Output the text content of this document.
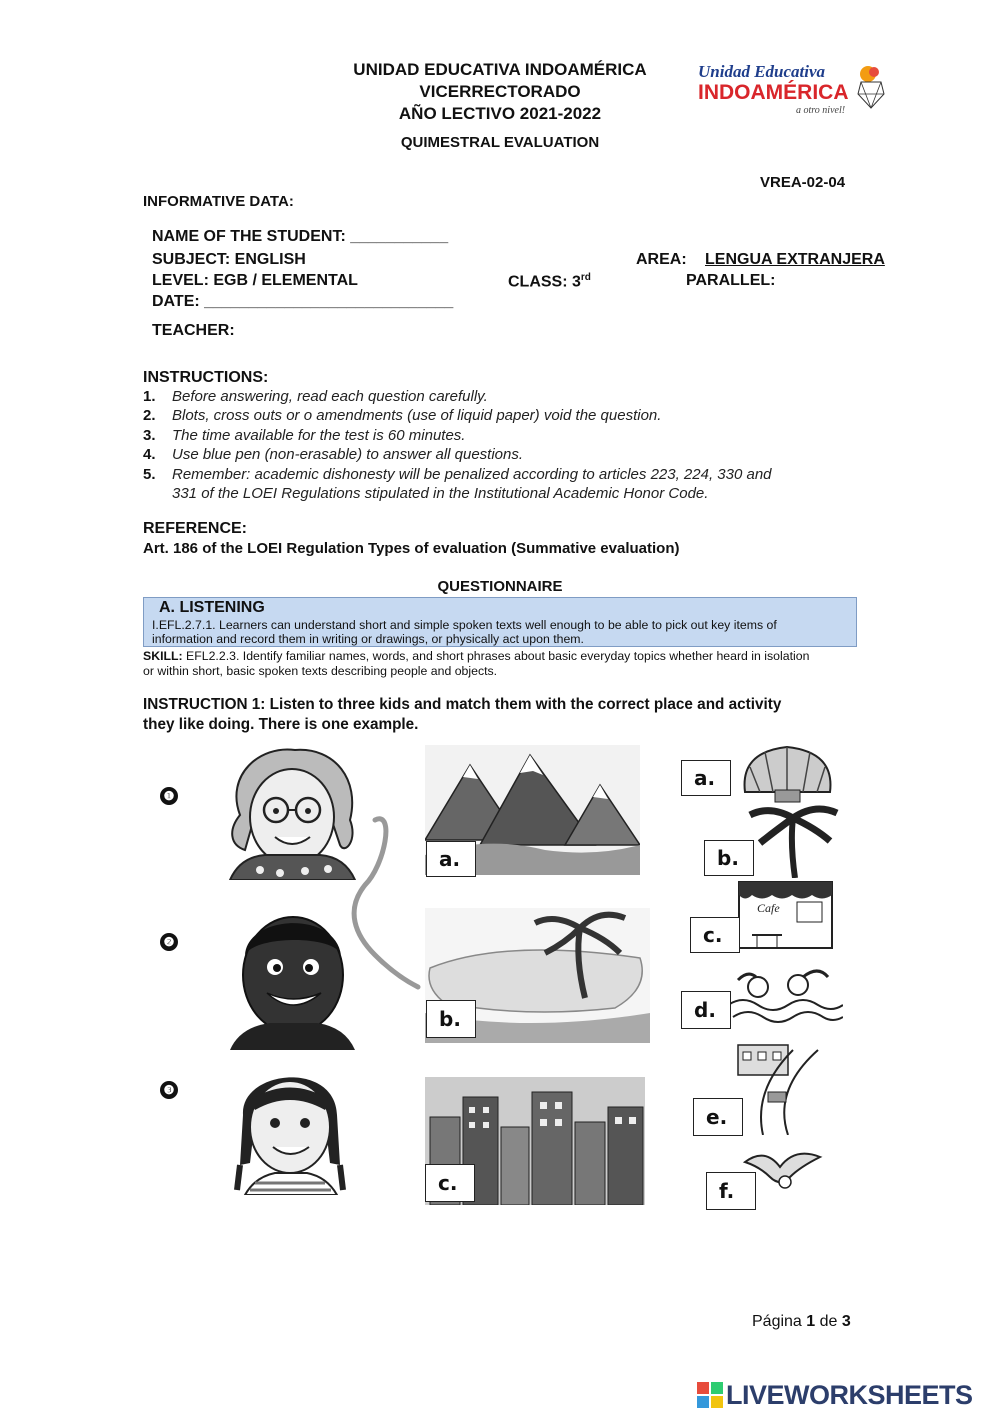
UNIDAD EDUCATIVA INDOAMÉRICA
VICERRECTORADO
AÑO LECTIVO 2021-2022
QUIMESTRAL EVALUATION
Unidad Educativa
INDOAMÉRICA
a otro nivel!
VREA-02-04
INFORMATIVE DATA:
NAME OF THE STUDENT: ___________
SUBJECT: ENGLISH	AREA: LENGUA EXTRANJERA
LEVEL: EGB / ELEMENTAL	CLASS: 3rd	PARALLEL:
DATE: ____________________________
TEACHER:
INSTRUCTIONS:
1. Before answering, read each question carefully.
2. Blots, cross outs or o amendments (use of liquid paper) void the question.
3. The time available for the test is 60 minutes.
4. Use blue pen (non-erasable) to answer all questions.
5. Remember: academic dishonesty will be penalized according to articles 223, 224, 330 and
331 of the LOEI Regulations stipulated in the Institutional Academic Honor Code.
REFERENCE:
Art. 186 of the LOEI Regulation Types of evaluation (Summative evaluation)
QUESTIONNAIRE
A. LISTENING
I.EFL.2.7.1. Learners can understand short and simple spoken texts well enough to be able to pick out key items of
information and record them in writing or drawings, or physically act upon them.
SKILL: EFL2.2.3. Identify familiar names, words, and short phrases about basic everyday topics whether heard in isolation
or within short, basic spoken texts describing people and objects.
INSTRUCTION 1: Listen to three kids and match them with the correct place and activity
they like doing. There is one example.
❶
❷
❸
a.
b.
c.
a.
b.
Cafe
c.
d.
e.
f.
Página 1 de 3
LIVEWORKSHEETS
